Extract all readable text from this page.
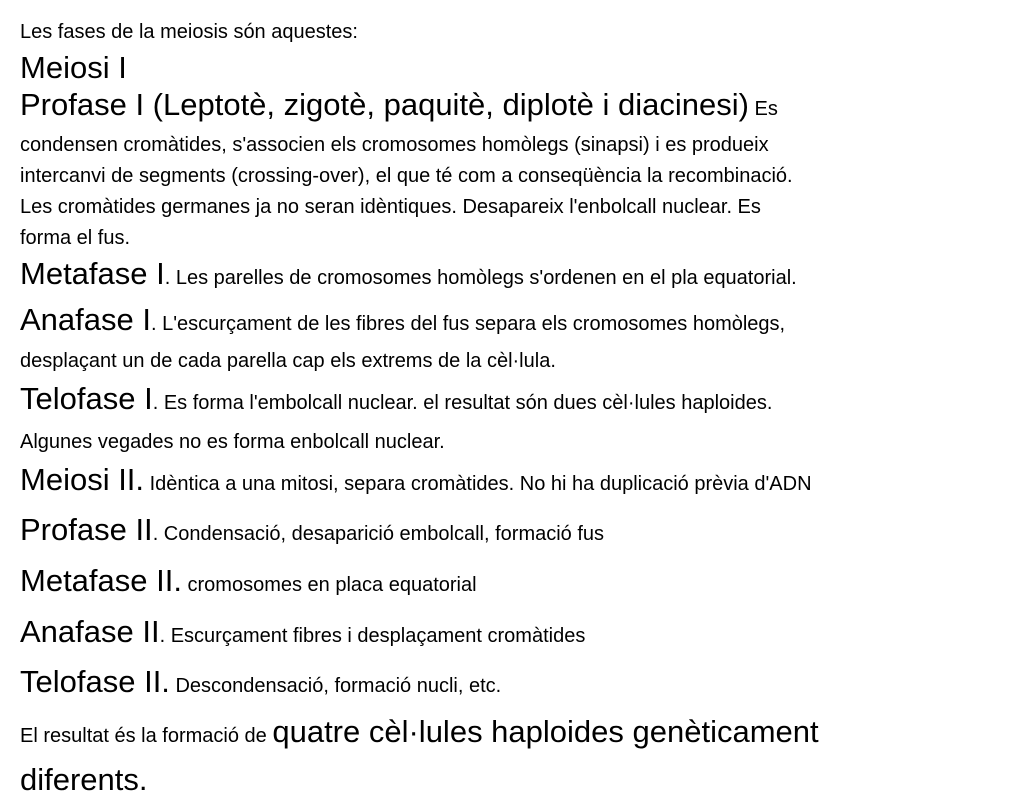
Les fases de la meiosis són aquestes:

Meiosi I

Profase I (Leptotè, zigotè, paquitè, diplotè i diacinesi) Es

condensen cromàtides, s'associen els cromosomes homòlegs (sinapsi) i es produeix

intercanvi de segments (crossing-over), el que té com a conseqüència la recombinació.

Les cromàtides germanes ja no seran idèntiques. Desapareix l'enbolcall nuclear. Es

forma el fus.

Metafase I. Les parelles de cromosomes homòlegs s'ordenen en el pla equatorial.

Anafase I. L'escurçament de les fibres del fus separa els cromosomes homòlegs,

desplaçant un de cada parella cap els extrems de la cèl·lula.

Telofase I. Es forma l'embolcall nuclear. el resultat són dues cèl·lules haploides.

Algunes vegades no es forma enbolcall nuclear.

Meiosi II. Idèntica a una mitosi, separa cromàtides. No hi ha duplicació prèvia d'ADN

Profase II. Condensació, desaparició embolcall, formació fus

Metafase II. cromosomes en placa equatorial

Anafase II. Escurçament fibres i desplaçament cromàtides

Telofase II. Descondensació, formació nucli, etc.

El resultat és la formació de quatre cèl·lules haploides genèticament

diferents.
